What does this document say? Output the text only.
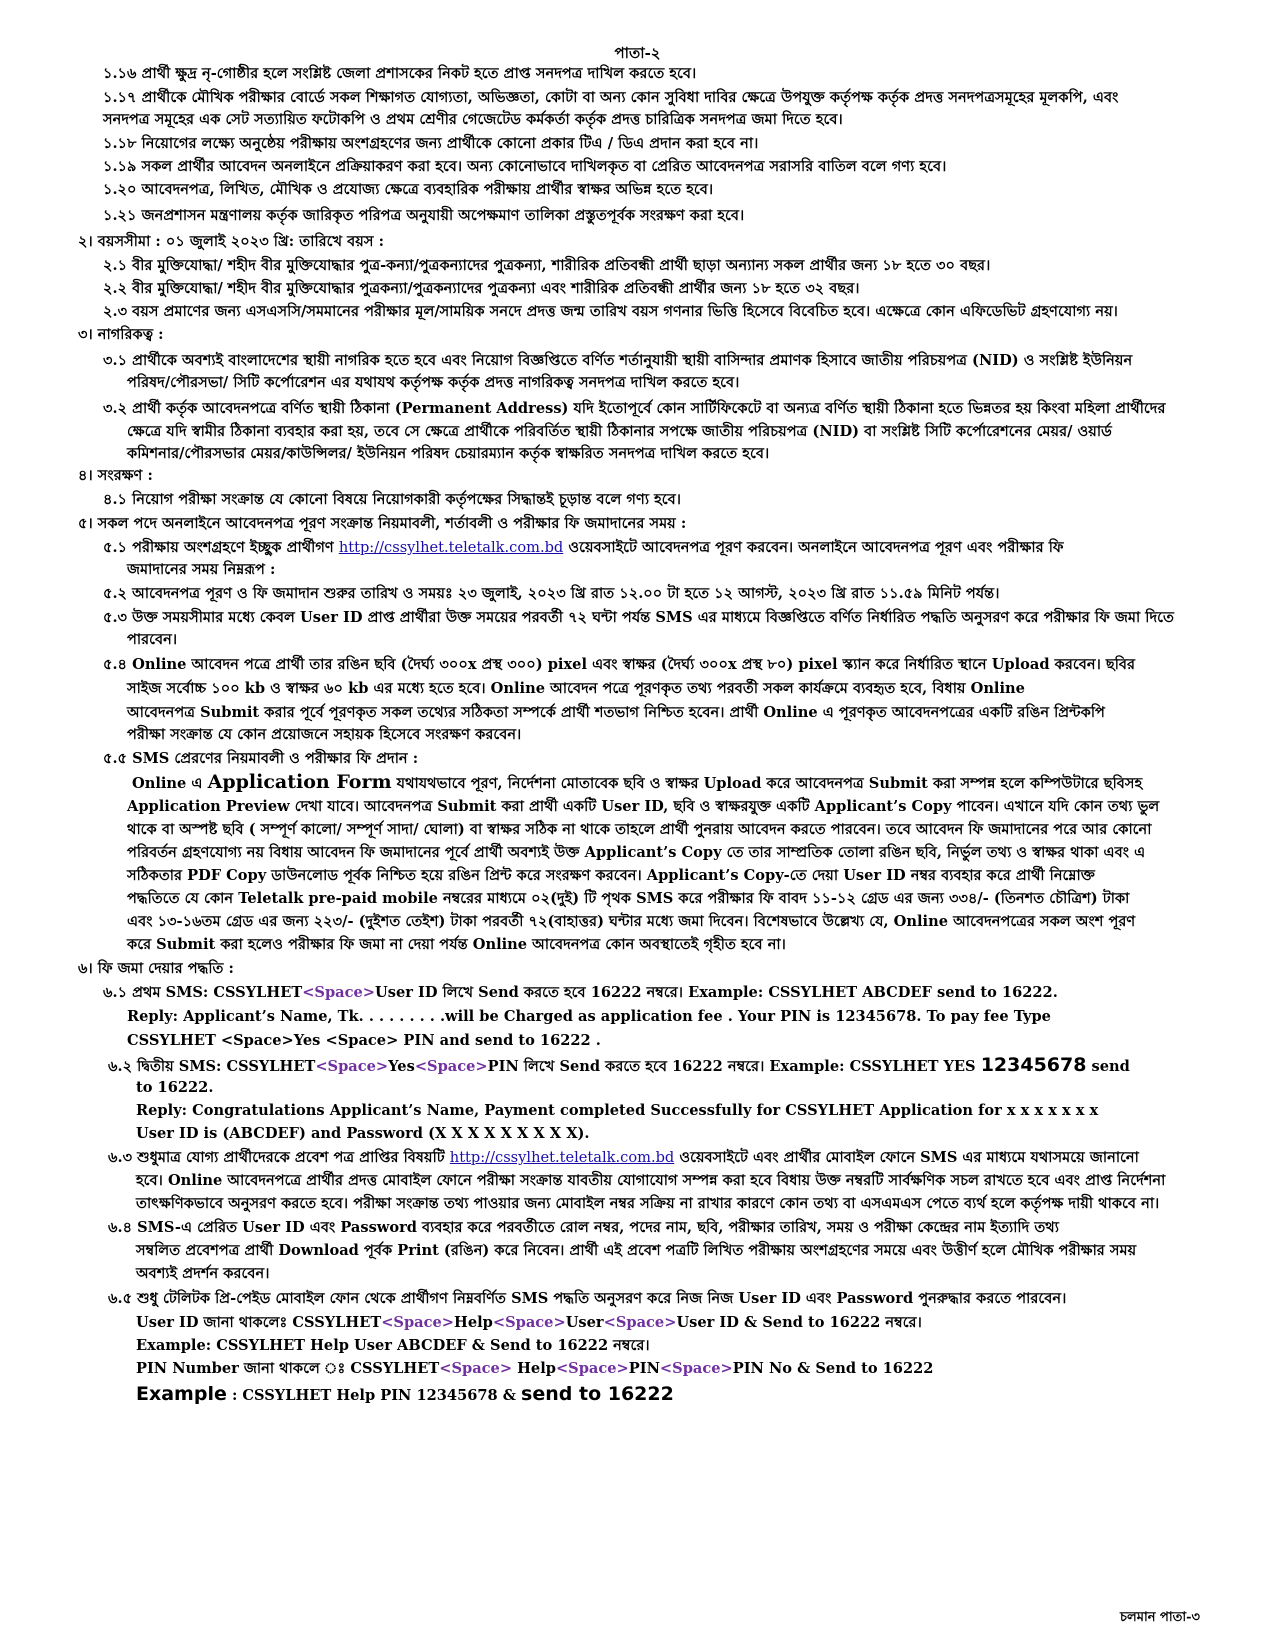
পাতা-২
১.১৬ প্রার্থী ক্ষুদ্র নৃ-গোষ্ঠীর হলে সংশ্লিষ্ট জেলা প্রশাসকের নিকট হতে প্রাপ্ত সনদপত্র দাখিল করতে হবে।
১.১৭ প্রার্থীকে মৌখিক পরীক্ষার বোর্ডে সকল শিক্ষাগত যোগ্যতা, অভিজ্ঞতা, কোটা বা অন্য কোন সুবিধা দাবির ক্ষেত্রে উপযুক্ত কর্তৃপক্ষ কর্তৃক প্রদত্ত সনদপত্রসমূহের মূলকপি, এবং
সনদপত্র সমূহের এক সেট সত্যায়িত ফটোকপি ও প্রথম শ্রেণীর গেজেটেড কর্মকর্তা কর্তৃক প্রদত্ত চারিত্রিক সনদপত্র জমা দিতে হবে।
১.১৮ নিয়োগের লক্ষ্যে অনুষ্ঠেয় পরীক্ষায় অংশগ্রহণের জন্য প্রার্থীকে কোনো প্রকার টিএ / ডিএ প্রদান করা হবে না।
১.১৯ সকল প্রার্থীর আবেদন অনলাইনে প্রক্রিয়াকরণ করা হবে। অন্য কোনোভাবে দাখিলকৃত বা প্রেরিত আবেদনপত্র সরাসরি বাতিল বলে গণ্য হবে।
১.২০ আবেদনপত্র, লিখিত, মৌখিক ও প্রযোজ্য ক্ষেত্রে ব্যবহারিক পরীক্ষায় প্রার্থীর স্বাক্ষর অভিন্ন হতে হবে।
১.২১ জনপ্রশাসন মন্ত্রণালয় কর্তৃক জারিকৃত পরিপত্র অনুযায়ী অপেক্ষমাণ তালিকা প্রস্তুতপূর্বক সংরক্ষণ করা হবে।
২। বয়সসীমা : ০১ জুলাই ২০২৩ খ্রি: তারিখে বয়স :
২.১ বীর মুক্তিযোদ্ধা/ শহীদ বীর মুক্তিযোদ্ধার পুত্র-কন্যা/পুত্রকন্যাদের পুত্রকন্যা, শারীরিক প্রতিবন্ধী প্রার্থী ছাড়া অন্যান্য সকল প্রার্থীর জন্য ১৮ হতে ৩০ বছর।
২.২ বীর মুক্তিযোদ্ধা/ শহীদ বীর মুক্তিযোদ্ধার পুত্রকন্যা/পুত্রকন্যাদের পুত্রকন্যা এবং শারীরিক প্রতিবন্ধী প্রার্থীর জন্য ১৮ হতে ৩২ বছর।
২.৩ বয়স প্রমাণের জন্য এসএসসি/সমমানের পরীক্ষার মূল/সাময়িক সনদে প্রদত্ত জন্ম তারিখ বয়স গণনার ভিত্তি হিসেবে বিবেচিত হবে। এক্ষেত্রে কোন এফিডেভিট গ্রহণযোগ্য নয়।
৩। নাগরিকত্ব :
৩.১ প্রার্থীকে অবশ্যই বাংলাদেশের স্থায়ী নাগরিক হতে হবে এবং নিয়োগ বিজ্ঞপ্তিতে বর্ণিত শর্তানুযায়ী স্থায়ী বাসিন্দার প্রমাণক হিসাবে জাতীয় পরিচয়পত্র (NID) ও সংশ্লিষ্ট ইউনিয়ন
পরিষদ/পৌরসভা/ সিটি কর্পোরেশন এর যথাযথ কর্তৃপক্ষ কর্তৃক প্রদত্ত নাগরিকত্ব সনদপত্র দাখিল করতে হবে।
৩.২ প্রার্থী কর্তৃক আবেদনপত্রে বর্ণিত স্থায়ী ঠিকানা (Permanent Address) যদি ইতোপূর্বে কোন সার্টিফিকেটে বা অন্যত্র বর্ণিত স্থায়ী ঠিকানা হতে ভিন্নতর হয় কিংবা মহিলা প্রার্থীদের
ক্ষেত্রে যদি স্বামীর ঠিকানা ব্যবহার করা হয়, তবে সে ক্ষেত্রে প্রার্থীকে পরিবর্তিত স্থায়ী ঠিকানার সপক্ষে জাতীয় পরিচয়পত্র (NID) বা সংশ্লিষ্ট সিটি কর্পোরেশনের মেয়র/ ওয়ার্ড
কমিশনার/পৌরসভার মেয়র/কাউন্সিলর/ ইউনিয়ন পরিষদ চেয়ারম্যান কর্তৃক স্বাক্ষরিত সনদপত্র দাখিল করতে হবে।
৪। সংরক্ষণ :
৪.১ নিয়োগ পরীক্ষা সংক্রান্ত যে কোনো বিষয়ে নিয়োগকারী কর্তৃপক্ষের সিদ্ধান্তই চূড়ান্ত বলে গণ্য হবে।
৫। সকল পদে অনলাইনে আবেদনপত্র পূরণ সংক্রান্ত নিয়মাবলী, শর্তাবলী ও পরীক্ষার ফি জমাদানের সময় :
৫.১ পরীক্ষায় অংশগ্রহণে ইচ্ছুক প্রার্থীগণ http://cssylhet.teletalk.com.bd ওয়েবসাইটে আবেদনপত্র পূরণ করবেন। অনলাইনে আবেদনপত্র পূরণ এবং পরীক্ষার ফি
জমাদানের সময় নিম্নরূপ :
৫.২ আবেদনপত্র পূরণ ও ফি জমাদান শুরুর তারিখ ও সময়ঃ ২৩ জুলাই, ২০২৩ খ্রি রাত ১২.০০ টা হতে ১২ আগস্ট, ২০২৩ খ্রি রাত ১১.৫৯ মিনিট পর্যন্ত।
৫.৩ উক্ত সময়সীমার মধ্যে কেবল User ID প্রাপ্ত প্রার্থীরা উক্ত সময়ের পরবর্তী ৭২ ঘন্টা পর্যন্ত SMS এর মাধ্যমে বিজ্ঞপ্তিতে বর্ণিত নির্ধারিত পদ্ধতি অনুসরণ করে পরীক্ষার ফি জমা দিতে
পারবেন।
৫.৪ Online আবেদন পত্রে প্রার্থী তার রঙিন ছবি (দৈর্ঘ্য ৩০০x প্রস্থ ৩০০) pixel এবং স্বাক্ষর (দৈর্ঘ্য ৩০০x প্রস্থ ৮০) pixel স্ক্যান করে নির্ধারিত স্থানে Upload করবেন। ছবির
সাইজ সর্বোচ্চ ১০০ kb ও স্বাক্ষর ৬০ kb এর মধ্যে হতে হবে। Online আবেদন পত্রে পূরণকৃত তথ্য পরবর্তী সকল কার্যক্রমে ব্যবহৃত হবে, বিধায় Online
আবেদনপত্র Submit করার পূর্বে পূরণকৃত সকল তথ্যের সঠিকতা সম্পর্কে প্রার্থী শতভাগ নিশ্চিত হবেন। প্রার্থী Online এ পূরণকৃত আবেদনপত্রের একটি রঙিন প্রিন্টকপি
পরীক্ষা সংক্রান্ত যে কোন প্রয়োজনে সহায়ক হিসেবে সংরক্ষণ করবেন।
৫.৫ SMS প্রেরণের নিয়মাবলী ও পরীক্ষার ফি প্রদান :
Online এ Application Form যথাযথভাবে পূরণ, নির্দেশনা মোতাবেক ছবি ও স্বাক্ষর Upload করে আবেদনপত্র Submit করা সম্পন্ন হলে কম্পিউটারে ছবিসহ
Application Preview দেখা যাবে। আবেদনপত্র Submit করা প্রার্থী একটি User ID, ছবি ও স্বাক্ষরযুক্ত একটি Applicant’s Copy পাবেন। এখানে যদি কোন তথ্য ভুল
থাকে বা অস্পষ্ট ছবি ( সম্পূর্ণ কালো/ সম্পূর্ণ সাদা/ ঘোলা) বা স্বাক্ষর সঠিক না থাকে তাহলে প্রার্থী পুনরায় আবেদন করতে পারবেন। তবে আবেদন ফি জমাদানের পরে আর কোনো
পরিবর্তন গ্রহণযোগ্য নয় বিধায় আবেদন ফি জমাদানের পূর্বে প্রার্থী অবশ্যই উক্ত Applicant’s Copy তে তার সাম্প্রতিক তোলা রঙিন ছবি, নির্ভুল তথ্য ও স্বাক্ষর থাকা এবং এ
সঠিকতার PDF Copy ডাউনলোড পূর্বক নিশ্চিত হয়ে রঙিন প্রিন্ট করে সংরক্ষণ করবেন। Applicant’s Copy-তে দেয়া User ID নম্বর ব্যবহার করে প্রার্থী নিম্নোক্ত
পদ্ধতিতে যে কোন Teletalk pre-paid mobile নম্বরের মাধ্যমে ০২(দুই) টি পৃথক SMS করে পরীক্ষার ফি বাবদ ১১-১২ গ্রেড এর জন্য ৩৩৪/- (তিনশত চৌত্রিশ) টাকা
এবং ১৩-১৬তম গ্রেড এর জন্য ২২৩/- (দুইশত তেইশ) টাকা পরবর্তী ৭২(বাহাত্তর) ঘন্টার মধ্যে জমা দিবেন। বিশেষভাবে উল্লেখ্য যে, Online আবেদনপত্রের সকল অংশ পূরণ
করে Submit করা হলেও পরীক্ষার ফি জমা না দেয়া পর্যন্ত Online আবেদনপত্র কোন অবস্থাতেই গৃহীত হবে না।
৬। ফি জমা দেয়ার পদ্ধতি :
৬.১ প্রথম SMS: CSSYLHET<Space>User ID লিখে Send করতে হবে 16222 নম্বরে। Example: CSSYLHET ABCDEF send to 16222.
Reply: Applicant’s Name, Tk. . . . . . . . .will be Charged as application fee . Your PIN is 12345678. To pay fee Type
CSSYLHET <Space>Yes <Space> PIN and send to 16222 .
৬.২ দ্বিতীয় SMS: CSSYLHET<Space>Yes<Space>PIN লিখে Send করতে হবে 16222 নম্বরে। Example: CSSYLHET YES 12345678 send
to 16222.
Reply: Congratulations Applicant’s Name, Payment completed Successfully for CSSYLHET Application for x x x x x x x
User ID is (ABCDEF) and Password (X X X X X X X X X).
৬.৩ শুধুমাত্র যোগ্য প্রার্থীদেরকে প্রবেশ পত্র প্রাপ্তির বিষয়টি http://cssylhet.teletalk.com.bd ওয়েবসাইটে এবং প্রার্থীর মোবাইল ফোনে SMS এর মাধ্যমে যথাসময়ে জানানো
হবে। Online আবেদনপত্রে প্রার্থীর প্রদত্ত মোবাইল ফোনে পরীক্ষা সংক্রান্ত যাবতীয় যোগাযোগ সম্পন্ন করা হবে বিধায় উক্ত নম্বরটি সার্বক্ষণিক সচল রাখতে হবে এবং প্রাপ্ত নির্দেশনা
তাৎক্ষণিকভাবে অনুসরণ করতে হবে। পরীক্ষা সংক্রান্ত তথ্য পাওয়ার জন্য মোবাইল নম্বর সক্রিয় না রাখার কারণে কোন তথ্য বা এসএমএস পেতে ব্যর্থ হলে কর্তৃপক্ষ দায়ী থাকবে না।
৬.৪ SMS-এ প্রেরিত User ID এবং Password ব্যবহার করে পরবর্তীতে রোল নম্বর, পদের নাম, ছবি, পরীক্ষার তারিখ, সময় ও পরীক্ষা কেন্দ্রের নাম ইত্যাদি তথ্য
সম্বলিত প্রবেশপত্র প্রার্থী Download পূর্বক Print (রঙিন) করে নিবেন। প্রার্থী এই প্রবেশ পত্রটি লিখিত পরীক্ষায় অংশগ্রহণের সময়ে এবং উত্তীর্ণ হলে মৌখিক পরীক্ষার সময়
অবশ্যই প্রদর্শন করবেন।
৬.৫ শুধু টেলিটক প্রি-পেইড মোবাইল ফোন থেকে প্রার্থীগণ নিম্নবর্ণিত SMS পদ্ধতি অনুসরণ করে নিজ নিজ User ID এবং Password পুনরুদ্ধার করতে পারবেন।
User ID জানা থাকলেঃ CSSYLHET<Space>Help<Space>User<Space>User ID & Send to 16222 নম্বরে।
Example: CSSYLHET Help User ABCDEF & Send to 16222 নম্বরে।
PIN Number জানা থাকলে ঃ CSSYLHET<Space> Help<Space>PIN<Space>PIN No & Send to 16222
Example : CSSYLHET Help PIN 12345678 & send to 16222
চলমান পাতা-৩
